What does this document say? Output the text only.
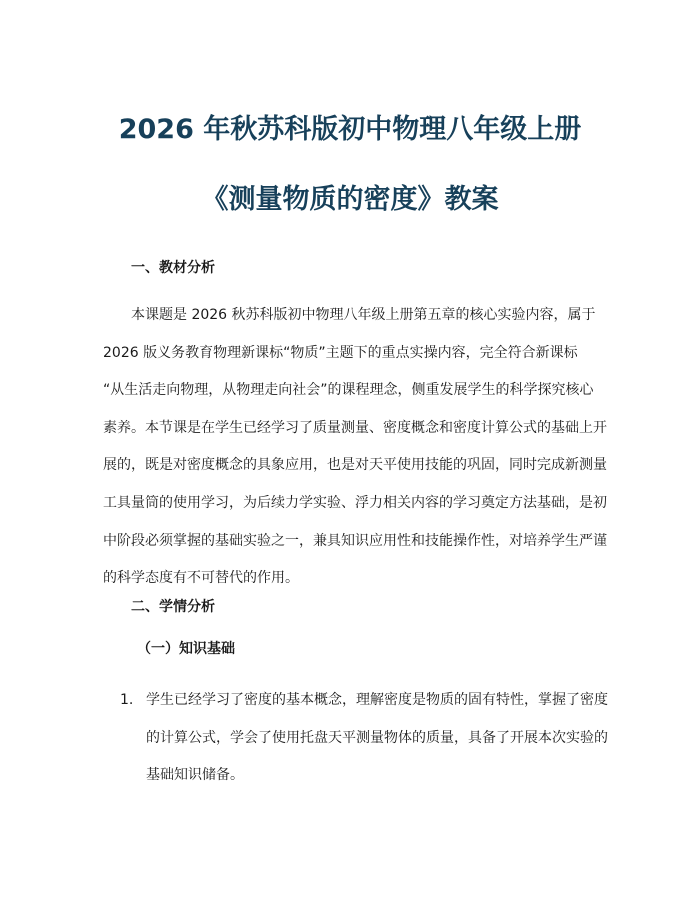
2026 年秋苏科版初中物理八年级上册
《测量物质的密度》教案
一、教材分析

本课题是 2026 秋苏科版初中物理八年级上册第五章的核心实验内容，属于
2026 版义务教育物理新课标“物质”主题下的重点实操内容，完全符合新课标
“从生活走向物理，从物理走向社会”的课程理念，侧重发展学生的科学探究核心
素养。本节课是在学生已经学习了质量测量、密度概念和密度计算公式的基础上开
展的，既是对密度概念的具象应用，也是对天平使用技能的巩固，同时完成新测量
工具量筒的使用学习，为后续力学实验、浮力相关内容的学习奠定方法基础，是初
中阶段必须掌握的基础实验之一，兼具知识应用性和技能操作性，对培养学生严谨
的科学态度有不可替代的作用。

二、学情分析
（一）知识基础
1. 学生已经学习了密度的基本概念，理解密度是物质的固有特性，掌握了密度
的计算公式，学会了使用托盘天平测量物体的质量，具备了开展本次实验的
基础知识储备。
